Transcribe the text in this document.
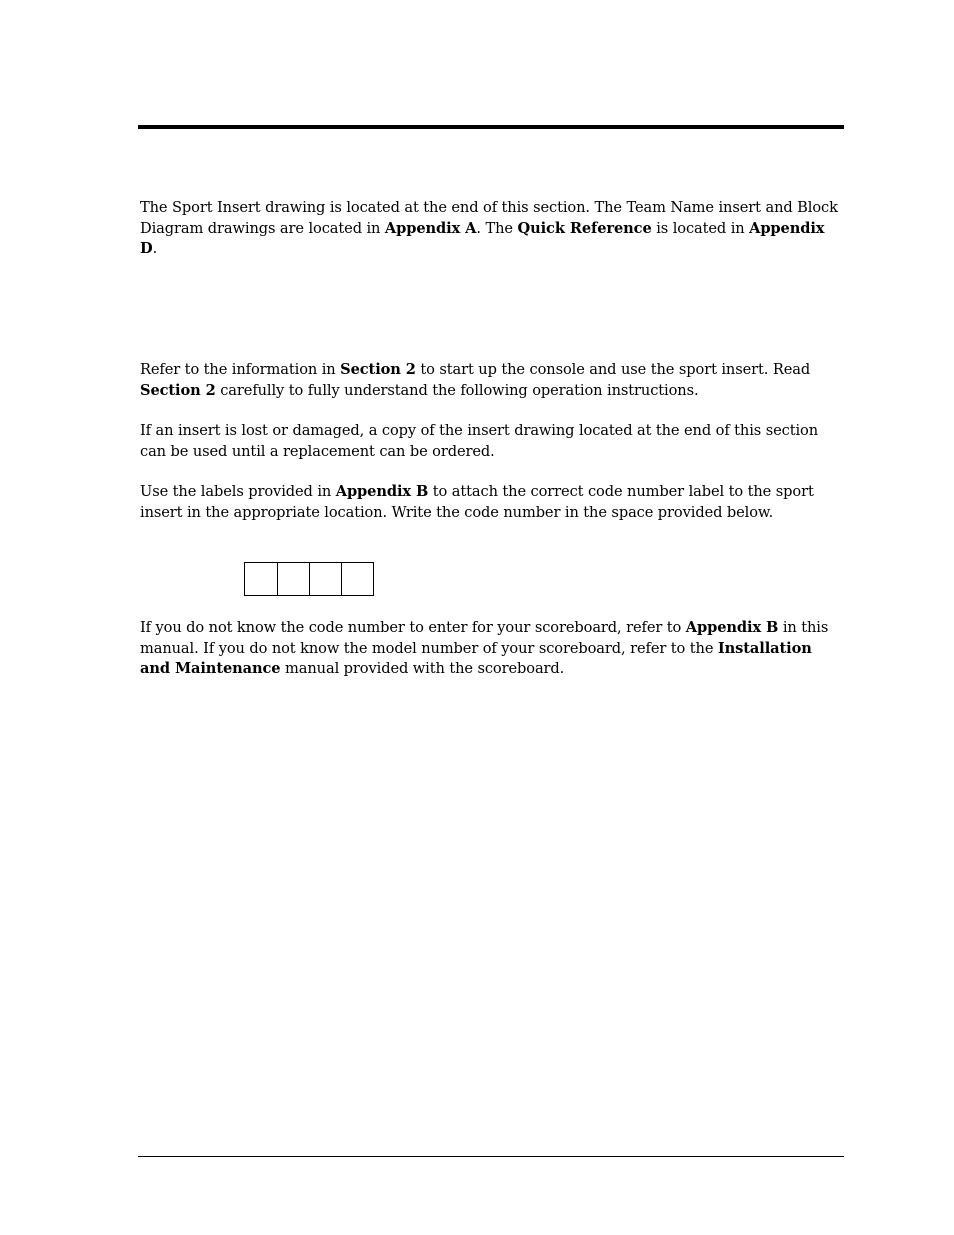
The Sport Insert drawing is located at the end of this section. The Team Name insert and Block Diagram drawings are located in Appendix A. The Quick Reference is located in Appendix D.

Refer to the information in Section 2 to start up the console and use the sport insert. Read Section 2 carefully to fully understand the following operation instructions.

If an insert is lost or damaged, a copy of the insert drawing located at the end of this section can be used until a replacement can be ordered.

Use the labels provided in Appendix B to attach the correct code number label to the sport insert in the appropriate location. Write the code number in the space provided below.

If you do not know the code number to enter for your scoreboard, refer to Appendix B in this manual. If you do not know the model number of your scoreboard, refer to the Installation and Maintenance manual provided with the scoreboard.
